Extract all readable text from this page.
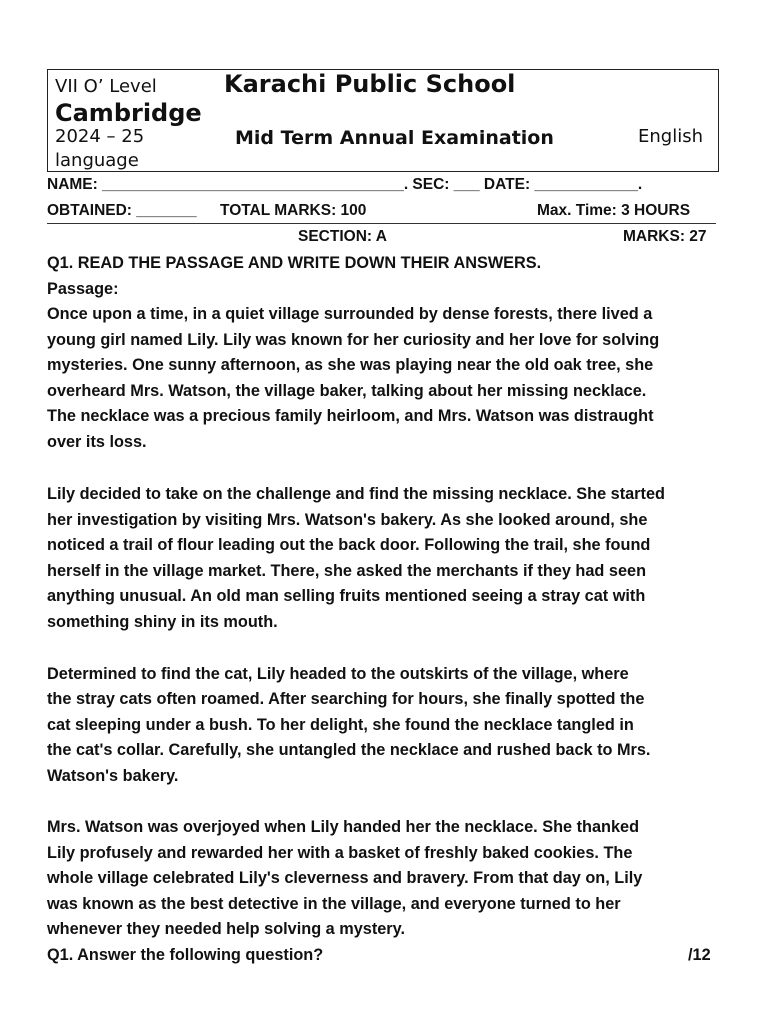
VII O’ Level	Karachi Public School
Cambridge
2024 – 25	Mid Term Annual Examination	English
language
NAME: ___________________________________. SEC: ___ DATE: ____________.
OBTAINED: _______ TOTAL MARKS: 100	Max. Time: 3 HOURS
SECTION: A	MARKS: 27
Q1. READ THE PASSAGE AND WRITE DOWN THEIR ANSWERS.
Passage:
Once upon a time, in a quiet village surrounded by dense forests, there lived a
young girl named Lily. Lily was known for her curiosity and her love for solving
mysteries. One sunny afternoon, as she was playing near the old oak tree, she
overheard Mrs. Watson, the village baker, talking about her missing necklace.
The necklace was a precious family heirloom, and Mrs. Watson was distraught
over its loss.
Lily decided to take on the challenge and find the missing necklace. She started
her investigation by visiting Mrs. Watson's bakery. As she looked around, she
noticed a trail of flour leading out the back door. Following the trail, she found
herself in the village market. There, she asked the merchants if they had seen
anything unusual. An old man selling fruits mentioned seeing a stray cat with
something shiny in its mouth.
Determined to find the cat, Lily headed to the outskirts of the village, where
the stray cats often roamed. After searching for hours, she finally spotted the
cat sleeping under a bush. To her delight, she found the necklace tangled in
the cat's collar. Carefully, she untangled the necklace and rushed back to Mrs.
Watson's bakery.
Mrs. Watson was overjoyed when Lily handed her the necklace. She thanked
Lily profusely and rewarded her with a basket of freshly baked cookies. The
whole village celebrated Lily's cleverness and bravery. From that day on, Lily
was known as the best detective in the village, and everyone turned to her
whenever they needed help solving a mystery.
Q1. Answer the following question?	/12
